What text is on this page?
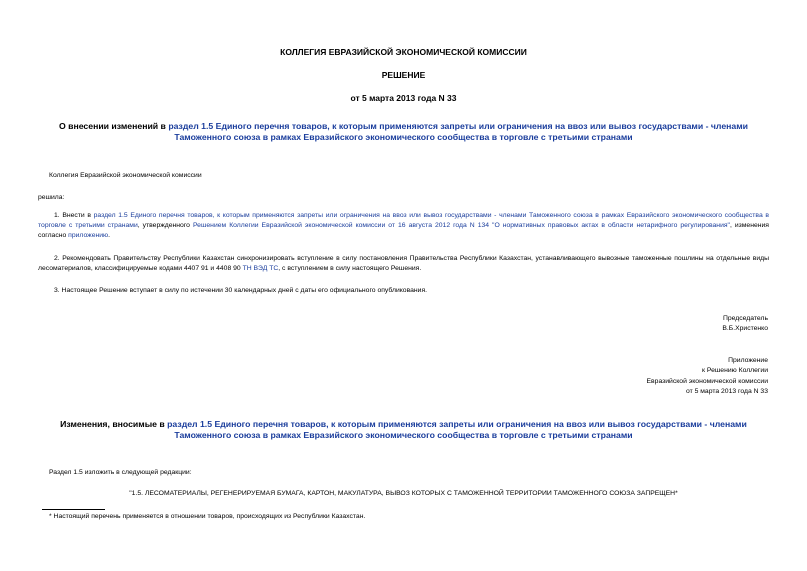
КОЛЛЕГИЯ ЕВРАЗИЙСКОЙ ЭКОНОМИЧЕСКОЙ КОМИССИИ
РЕШЕНИЕ
от 5 марта 2013 года N 33
О внесении изменений в раздел 1.5 Единого перечня товаров, к которым применяются запреты или ограничения на ввоз или вывоз государствами - членами
Таможенного союза в рамках Евразийского экономического сообщества в торговле с третьими странами
Коллегия Евразийской экономической комиссии
решила:
1. Внести в раздел 1.5 Единого перечня товаров, к которым применяются запреты или ограничения на ввоз или вывоз государствами - членами Таможенного союза в рамках Евразийского экономического сообщества в торговле с третьими странами, утвержденного Решением Коллегии Евразийской экономической комиссии от 16 августа 2012 года N 134 "О нормативных правовых актах в области нетарифного регулирования", изменения согласно приложению.
2. Рекомендовать Правительству Республики Казахстан синхронизировать вступление в силу постановления Правительства Республики Казахстан, устанавливающего вывозные таможенные пошлины на отдельные виды лесоматериалов, классифицируемые кодами 4407 91 и 4408 90 ТН ВЭД ТС, с вступлением в силу настоящего Решения.
3. Настоящее Решение вступает в силу по истечении 30 календарных дней с даты его официального опубликования.
Председатель
В.Б.Христенко
Приложение
к Решению Коллегии
Евразийской экономической комиссии
от 5 марта 2013 года N 33
Изменения, вносимые в раздел 1.5 Единого перечня товаров, к которым применяются запреты или ограничения на ввоз или вывоз государствами - членами
Таможенного союза в рамках Евразийского экономического сообщества в торговле с третьими странами
Раздел 1.5 изложить в следующей редакции:
"1.5. ЛЕСОМАТЕРИАЛЫ, РЕГЕНЕРИРУЕМАЯ БУМАГА, КАРТОН, МАКУЛАТУРА, ВЫВОЗ КОТОРЫХ С ТАМОЖЕННОЙ ТЕРРИТОРИИ ТАМОЖЕННОГО СОЮЗА ЗАПРЕЩЕН*
* Настоящий перечень применяется в отношении товаров, происходящих из Республики Казахстан.
